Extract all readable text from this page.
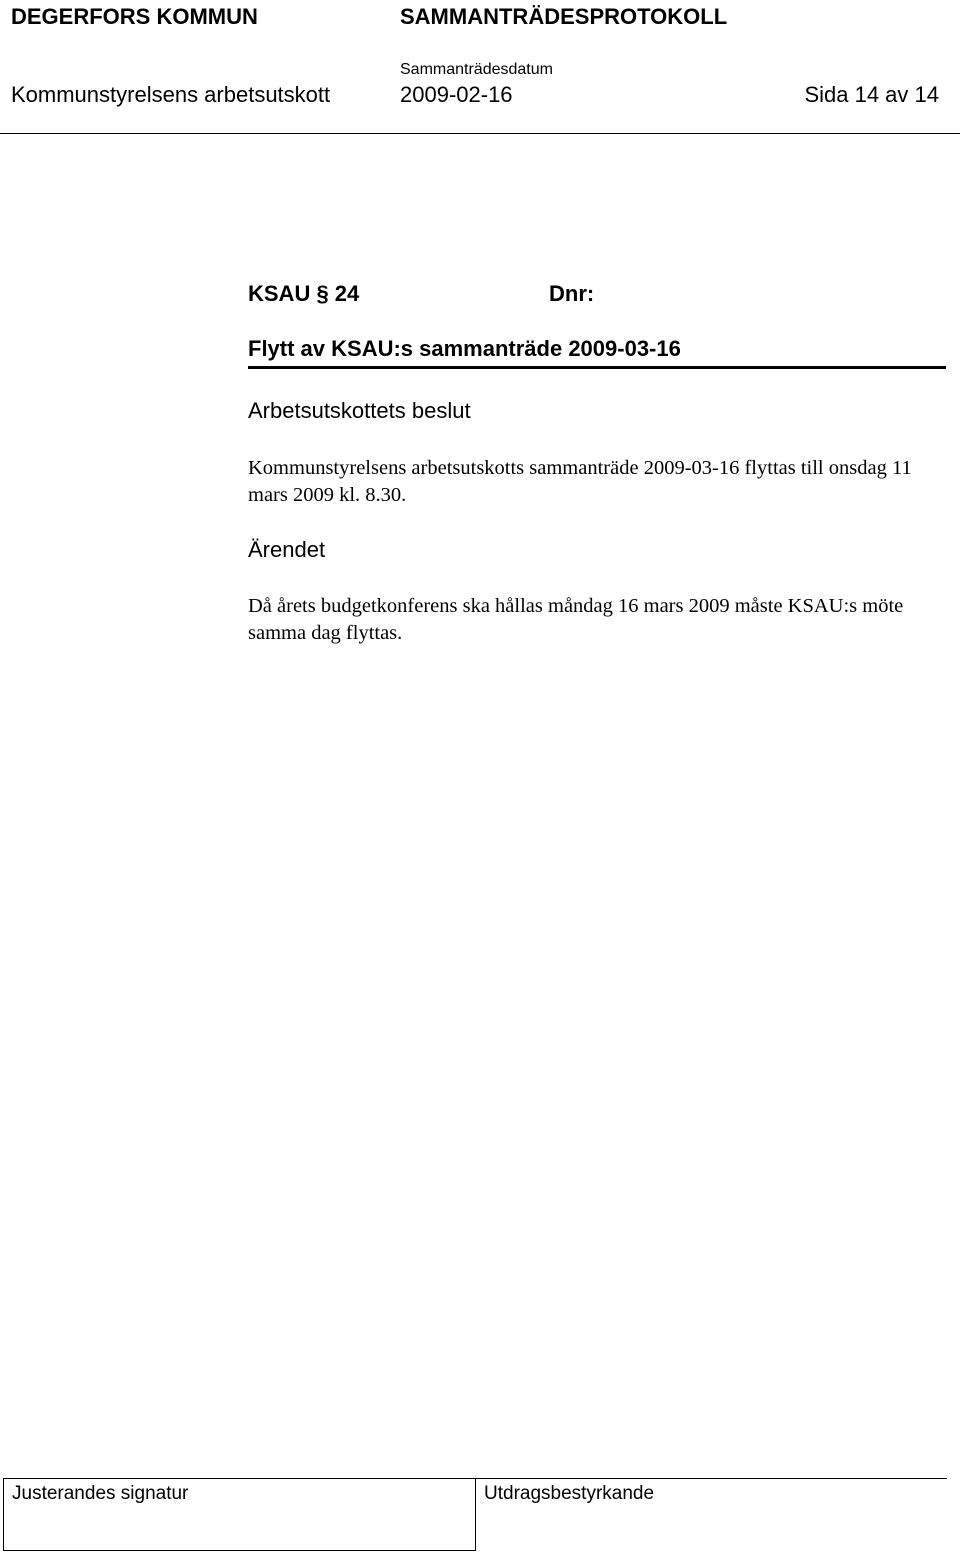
DEGERFORS KOMMUN	SAMMANTRÄDESPROTOKOLL
Sammanträdesdatum
Kommunstyrelsens arbetsutskott	2009-02-16	Sida 14 av 14
KSAU § 24	Dnr:
Flytt av KSAU:s sammanträde 2009-03-16
Arbetsutskottets beslut
Kommunstyrelsens arbetsutskotts sammanträde 2009-03-16 flyttas till onsdag 11 mars 2009 kl. 8.30.
Ärendet
Då årets budgetkonferens ska hållas måndag 16 mars 2009 måste KSAU:s möte samma dag flyttas.
Justerandes signatur	Utdragsbestyrkande
